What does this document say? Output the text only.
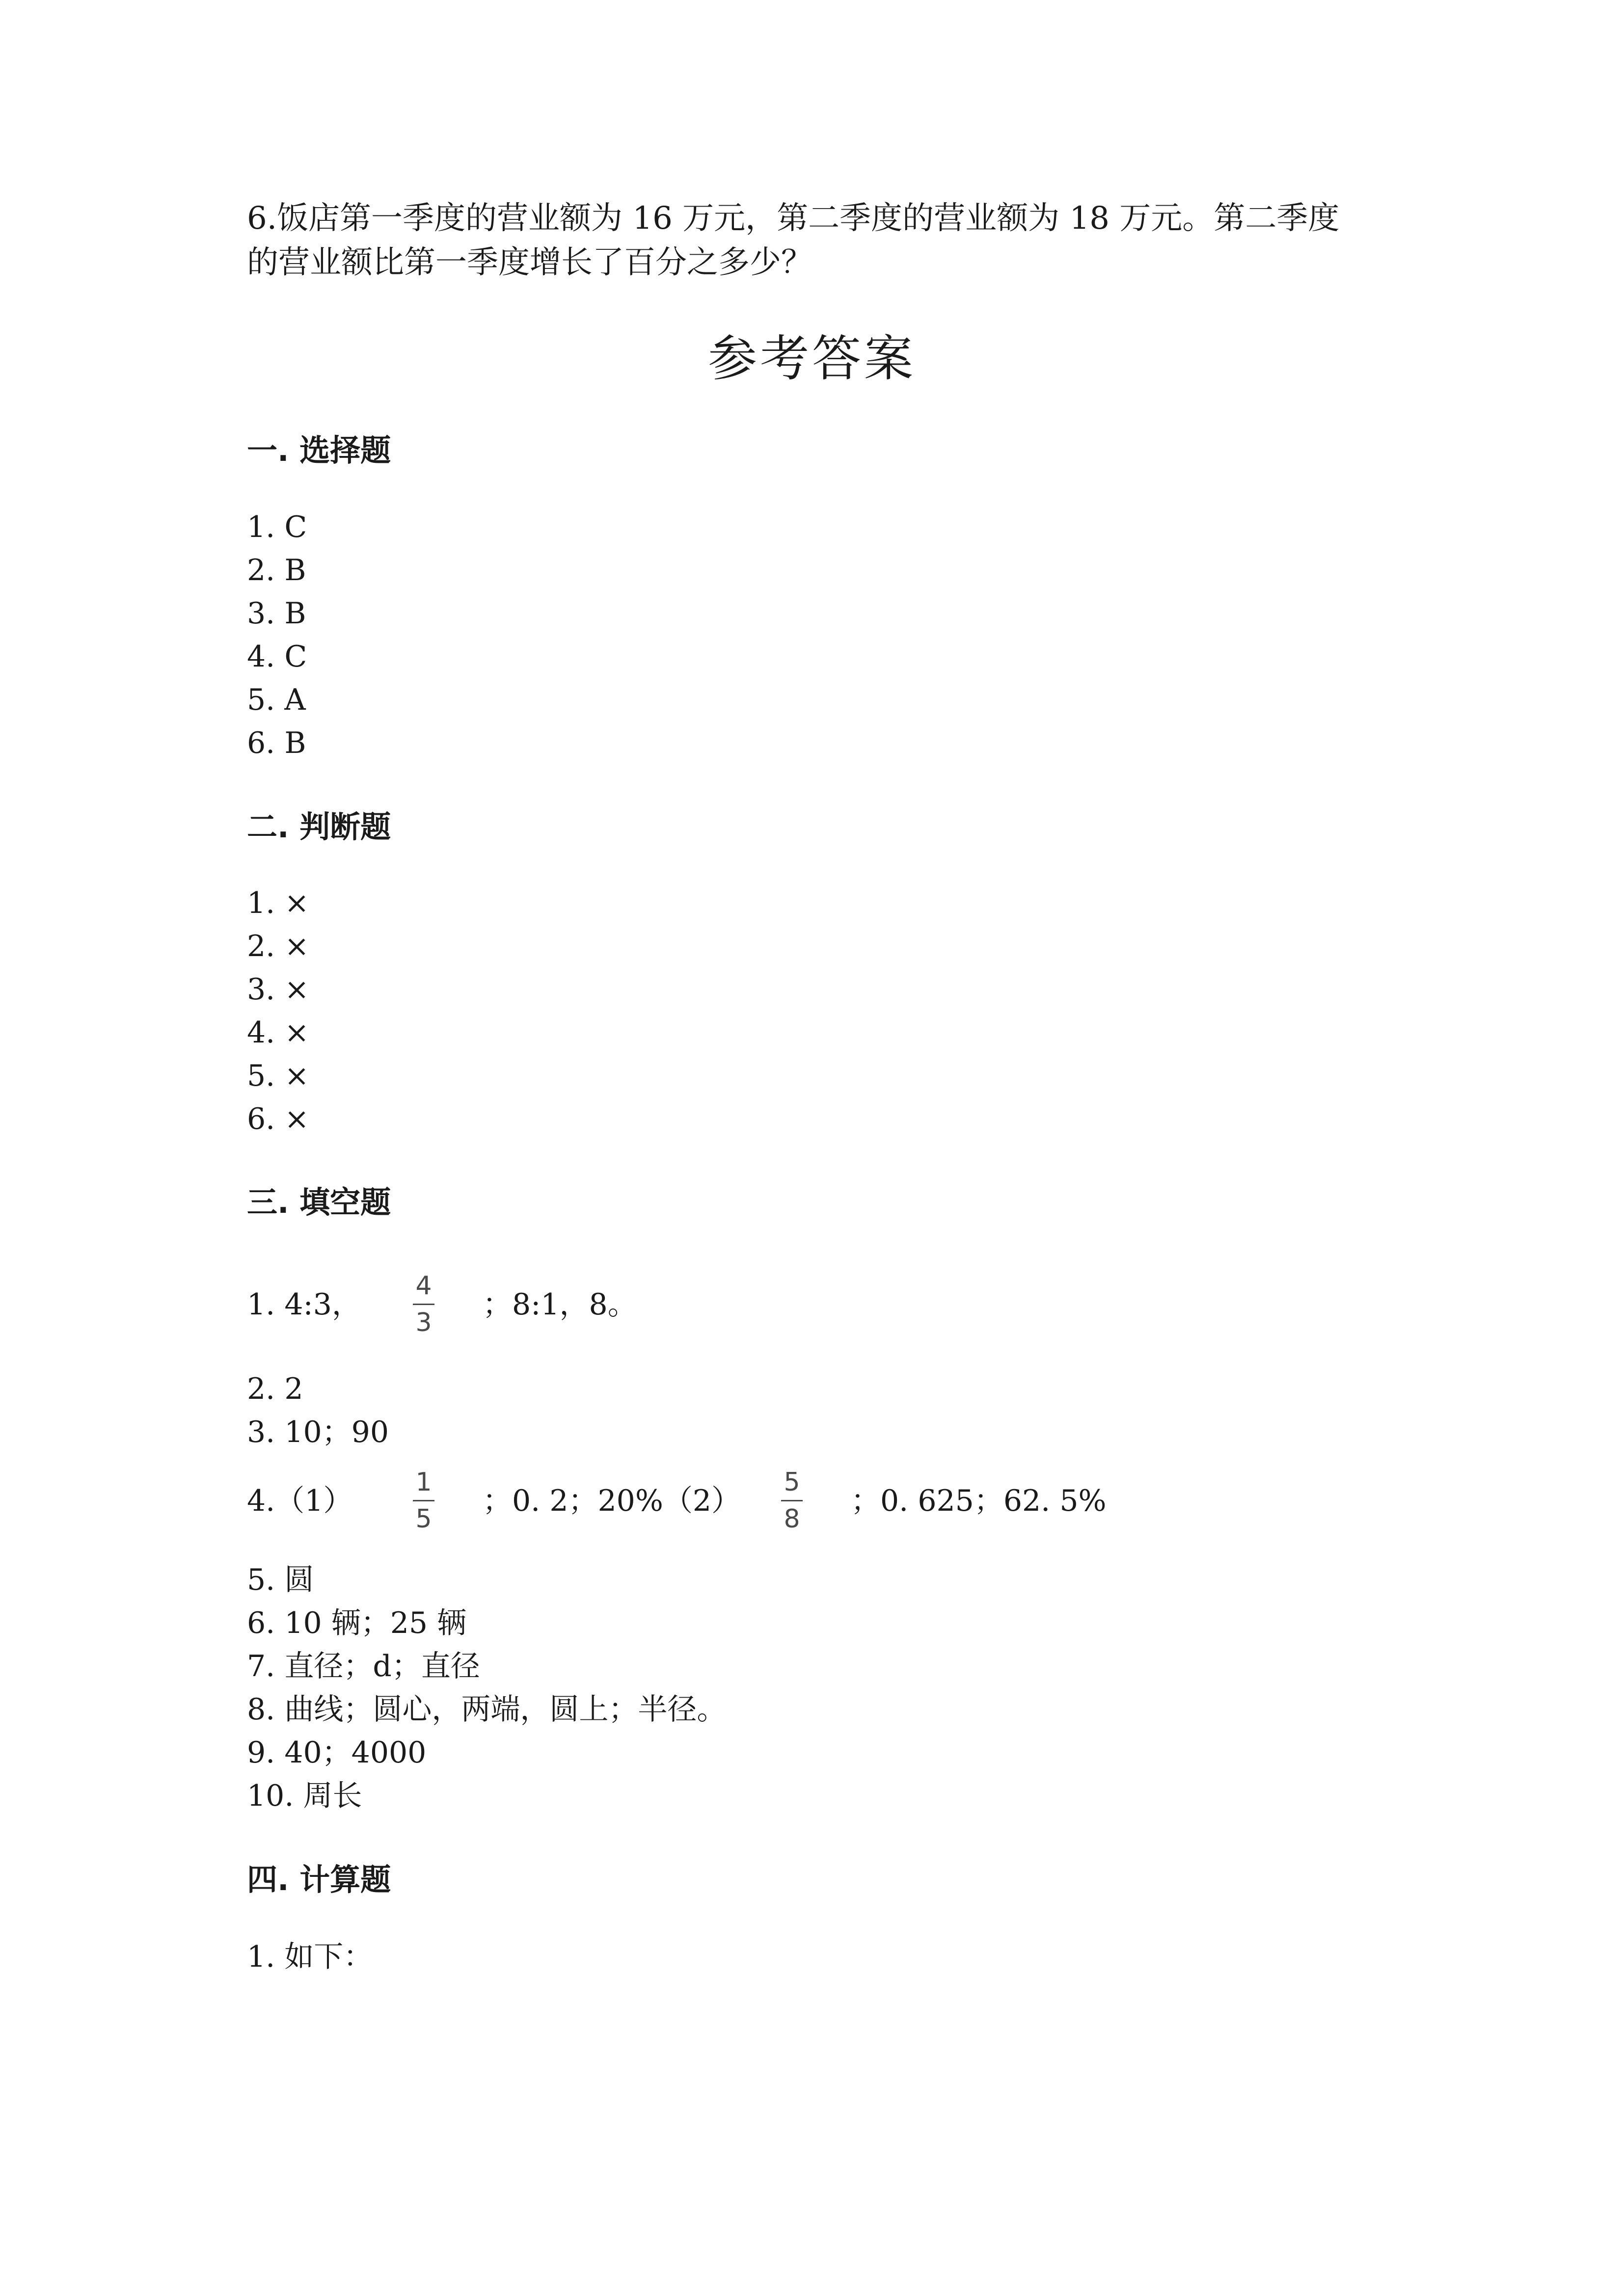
6.饭店第一季度的营业额为 16 万元，第二季度的营业额为 18 万元。第二季度
的营业额比第一季度增长了百分之多少？
参考答案
一. 选择题
1. C
2. B
3. B
4. C
5. A
6. B
二. 判断题
1. ×
2. ×
3. ×
4. ×
5. ×
6. ×
三. 填空题
1. 4:3，
4
3
；8:1，8。
2. 2
3. 10；90
4.（1）
1
5
；0. 2；20%（2）
5
8
；0. 625；62. 5%
5. 圆
6. 10 辆；25 辆
7. 直径；d；直径
8. 曲线；圆心，两端，圆上；半径。
9. 40；4000
10. 周长
四. 计算题
1. 如下：
